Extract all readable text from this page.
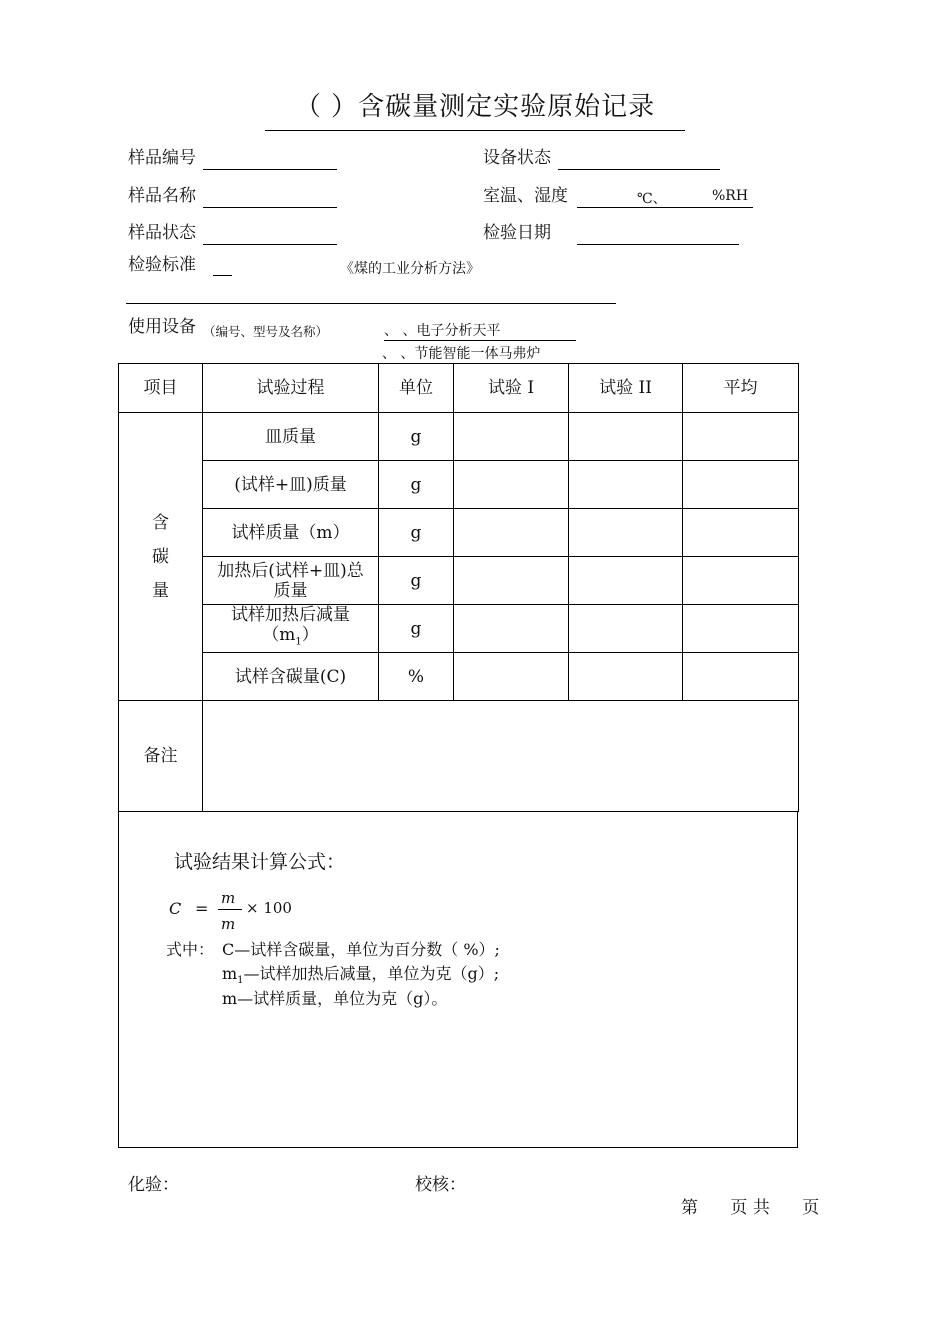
（ ）含碳量测定实验原始记录
样品编号
样品名称
样品状态
检验标准	《煤的工业分析方法》
设备状态
室温、湿度	℃、	%RH
检验日期
使用设备 （编号、型号及名称）	、 、电子分析天平
、 、节能智能一体马弗炉
项目	试验过程	单位	试验 I	试验 II	平均

含
碳
量	皿质量	g			
	(试样+皿)质量	g			
	试样质量（m）	g			

	加热后(试样+皿)总
质量	g			

	试样加热后减量
$(m_1)$	g			
	试样含碳量(C)	%			
备注					
试验结果计算公式：
C =
m
m
× 100
式中： C—试样含碳量，单位为百分数（ %）;
$m_1—$试样加热后减量，单位为克（g）;
m—试样质量，单位为克（g）。
化验：	校核：
第      页 共      页
